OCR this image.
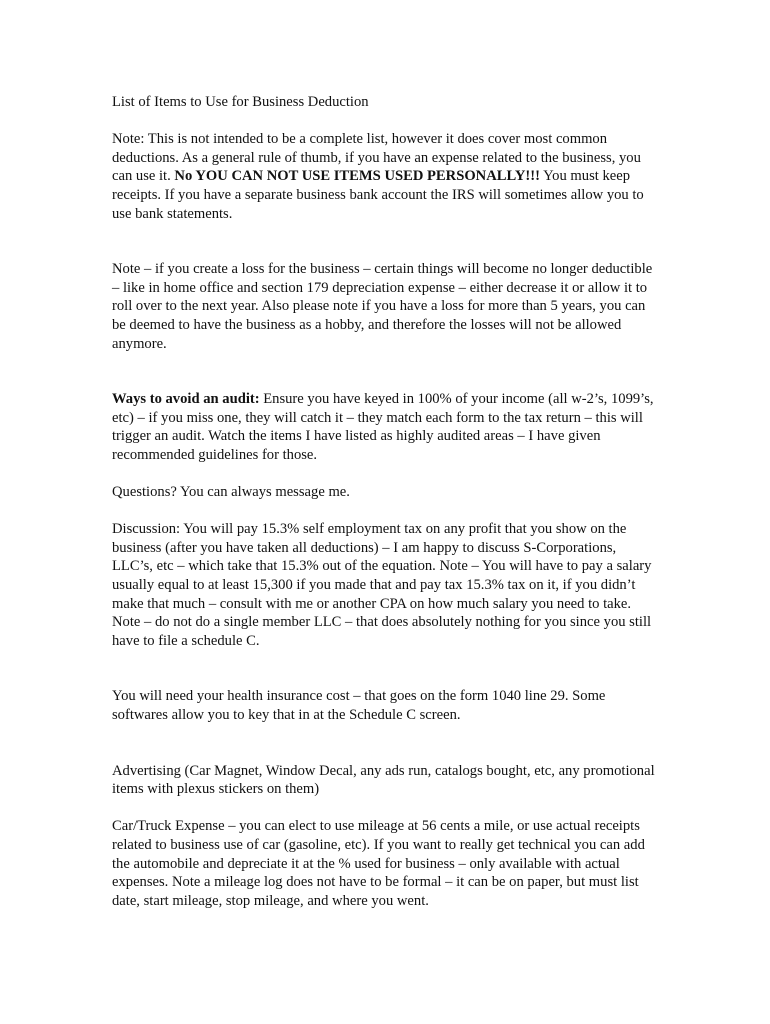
List of Items to Use for Business Deduction

Note: This is not intended to be a complete list, however it does cover most common deductions. As a general rule of thumb, if you have an expense related to the business, you can use it. No YOU CAN NOT USE ITEMS USED PERSONALLY!!! You must keep receipts. If you have a separate business bank account the IRS will sometimes allow you to use bank statements.

Note – if you create a loss for the business – certain things will become no longer deductible – like in home office and section 179 depreciation expense – either decrease it or allow it to roll over to the next year. Also please note if you have a loss for more than 5 years, you can be deemed to have the business as a hobby, and therefore the losses will not be allowed anymore.

Ways to avoid an audit: Ensure you have keyed in 100% of your income (all w-2’s, 1099’s, etc) – if you miss one, they will catch it – they match each form to the tax return – this will trigger an audit. Watch the items I have listed as highly audited areas – I have given recommended guidelines for those.

Questions? You can always message me.

Discussion: You will pay 15.3% self employment tax on any profit that you show on the business (after you have taken all deductions) – I am happy to discuss S-Corporations, LLC’s, etc – which take that 15.3% out of the equation. Note – You will have to pay a salary usually equal to at least 15,300 if you made that and pay tax 15.3% tax on it, if you didn’t make that much – consult with me or another CPA on how much salary you need to take. Note – do not do a single member LLC – that does absolutely nothing for you since you still have to file a schedule C.

You will need your health insurance cost – that goes on the form 1040 line 29. Some softwares allow you to key that in at the Schedule C screen.

Advertising (Car Magnet, Window Decal, any ads run, catalogs bought, etc, any promotional items with plexus stickers on them)

Car/Truck Expense – you can elect to use mileage at 56 cents a mile, or use actual receipts related to business use of car (gasoline, etc). If you want to really get technical you can add the automobile and depreciate it at the % used for business – only available with actual expenses. Note a mileage log does not have to be formal – it can be on paper, but must list date, start mileage, stop mileage, and where you went.
